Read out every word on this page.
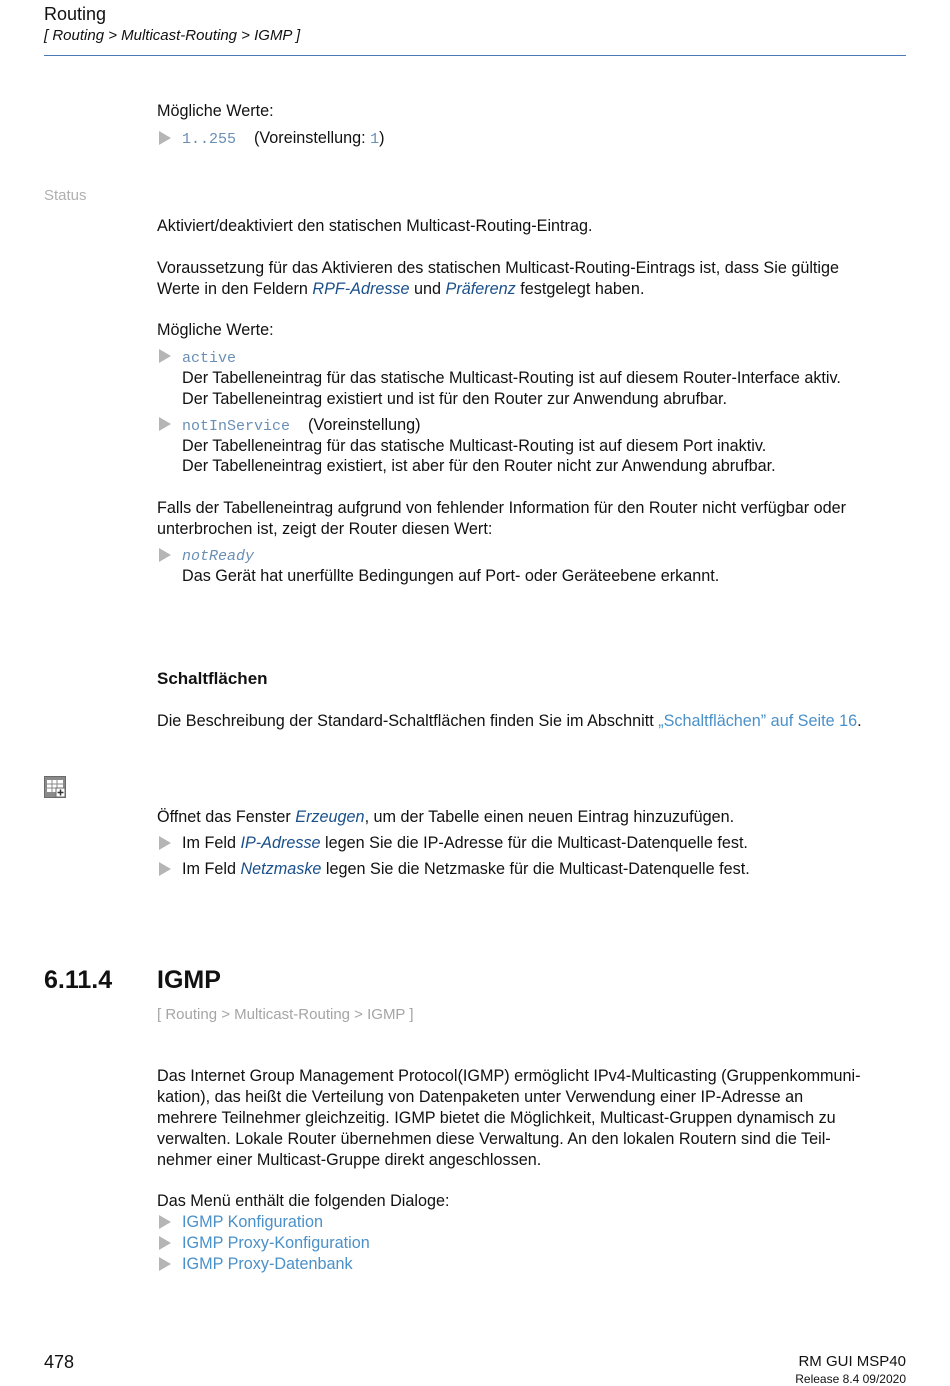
Routing
[ Routing > Multicast-Routing > IGMP ]
Mögliche Werte:
1..255 (Voreinstellung: 1)
Status
Aktiviert/deaktiviert den statischen Multicast-Routing-Eintrag.
Voraussetzung für das Aktivieren des statischen Multicast-Routing-Eintrags ist, dass Sie gültige
Werte in den Feldern RPF-Adresse und Präferenz festgelegt haben.
Mögliche Werte:
active
Der Tabelleneintrag für das statische Multicast-Routing ist auf diesem Router-Interface aktiv.
Der Tabelleneintrag existiert und ist für den Router zur Anwendung abrufbar.
notInService (Voreinstellung)
Der Tabelleneintrag für das statische Multicast-Routing ist auf diesem Port inaktiv.
Der Tabelleneintrag existiert, ist aber für den Router nicht zur Anwendung abrufbar.
Falls der Tabelleneintrag aufgrund von fehlender Information für den Router nicht verfügbar oder
unterbrochen ist, zeigt der Router diesen Wert:
notReady
Das Gerät hat unerfüllte Bedingungen auf Port- oder Geräteebene erkannt.
Schaltflächen
Die Beschreibung der Standard-Schaltflächen finden Sie im Abschnitt „Schaltflächen” auf Seite 16.
Öffnet das Fenster Erzeugen, um der Tabelle einen neuen Eintrag hinzuzufügen.
Im Feld IP-Adresse legen Sie die IP-Adresse für die Multicast-Datenquelle fest.
Im Feld Netzmaske legen Sie die Netzmaske für die Multicast-Datenquelle fest.
6.11.4 IGMP
[ Routing > Multicast-Routing > IGMP ]
Das Internet Group Management Protocol(IGMP) ermöglicht IPv4-Multicasting (Gruppenkommuni-
kation), das heißt die Verteilung von Datenpaketen unter Verwendung einer IP-Adresse an
mehrere Teilnehmer gleichzeitig. IGMP bietet die Möglichkeit, Multicast-Gruppen dynamisch zu
verwalten. Lokale Router übernehmen diese Verwaltung. An den lokalen Routern sind die Teil-
nehmer einer Multicast-Gruppe direkt angeschlossen.
Das Menü enthält die folgenden Dialoge:
IGMP Konfiguration
IGMP Proxy-Konfiguration
IGMP Proxy-Datenbank
478	RM GUI MSP40
Release 8.4 09/2020
